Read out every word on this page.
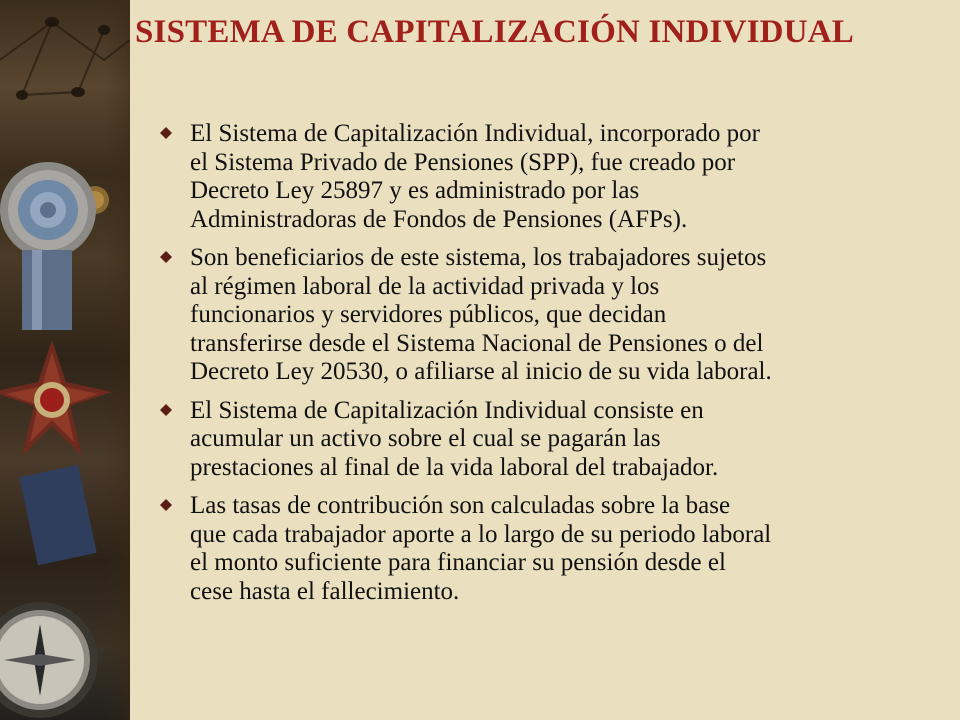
SISTEMA DE CAPITALIZACIÓN INDIVIDUAL
El Sistema de Capitalización Individual, incorporado por
el Sistema Privado de Pensiones (SPP), fue creado por
Decreto Ley 25897 y es administrado por las
Administradoras de Fondos de Pensiones (AFPs).
Son beneficiarios de este sistema, los trabajadores sujetos
al régimen laboral de la actividad privada y los
funcionarios y servidores públicos, que decidan
transferirse desde el Sistema Nacional de Pensiones o del
Decreto Ley 20530, o afiliarse al inicio de su vida laboral.
El Sistema de Capitalización Individual consiste en
acumular un activo sobre el cual se pagarán las
prestaciones al final de la vida laboral del trabajador.
Las tasas de contribución son calculadas sobre la base
que cada trabajador aporte a lo largo de su periodo laboral
el monto suficiente para financiar su pensión desde el
cese hasta el fallecimiento.
